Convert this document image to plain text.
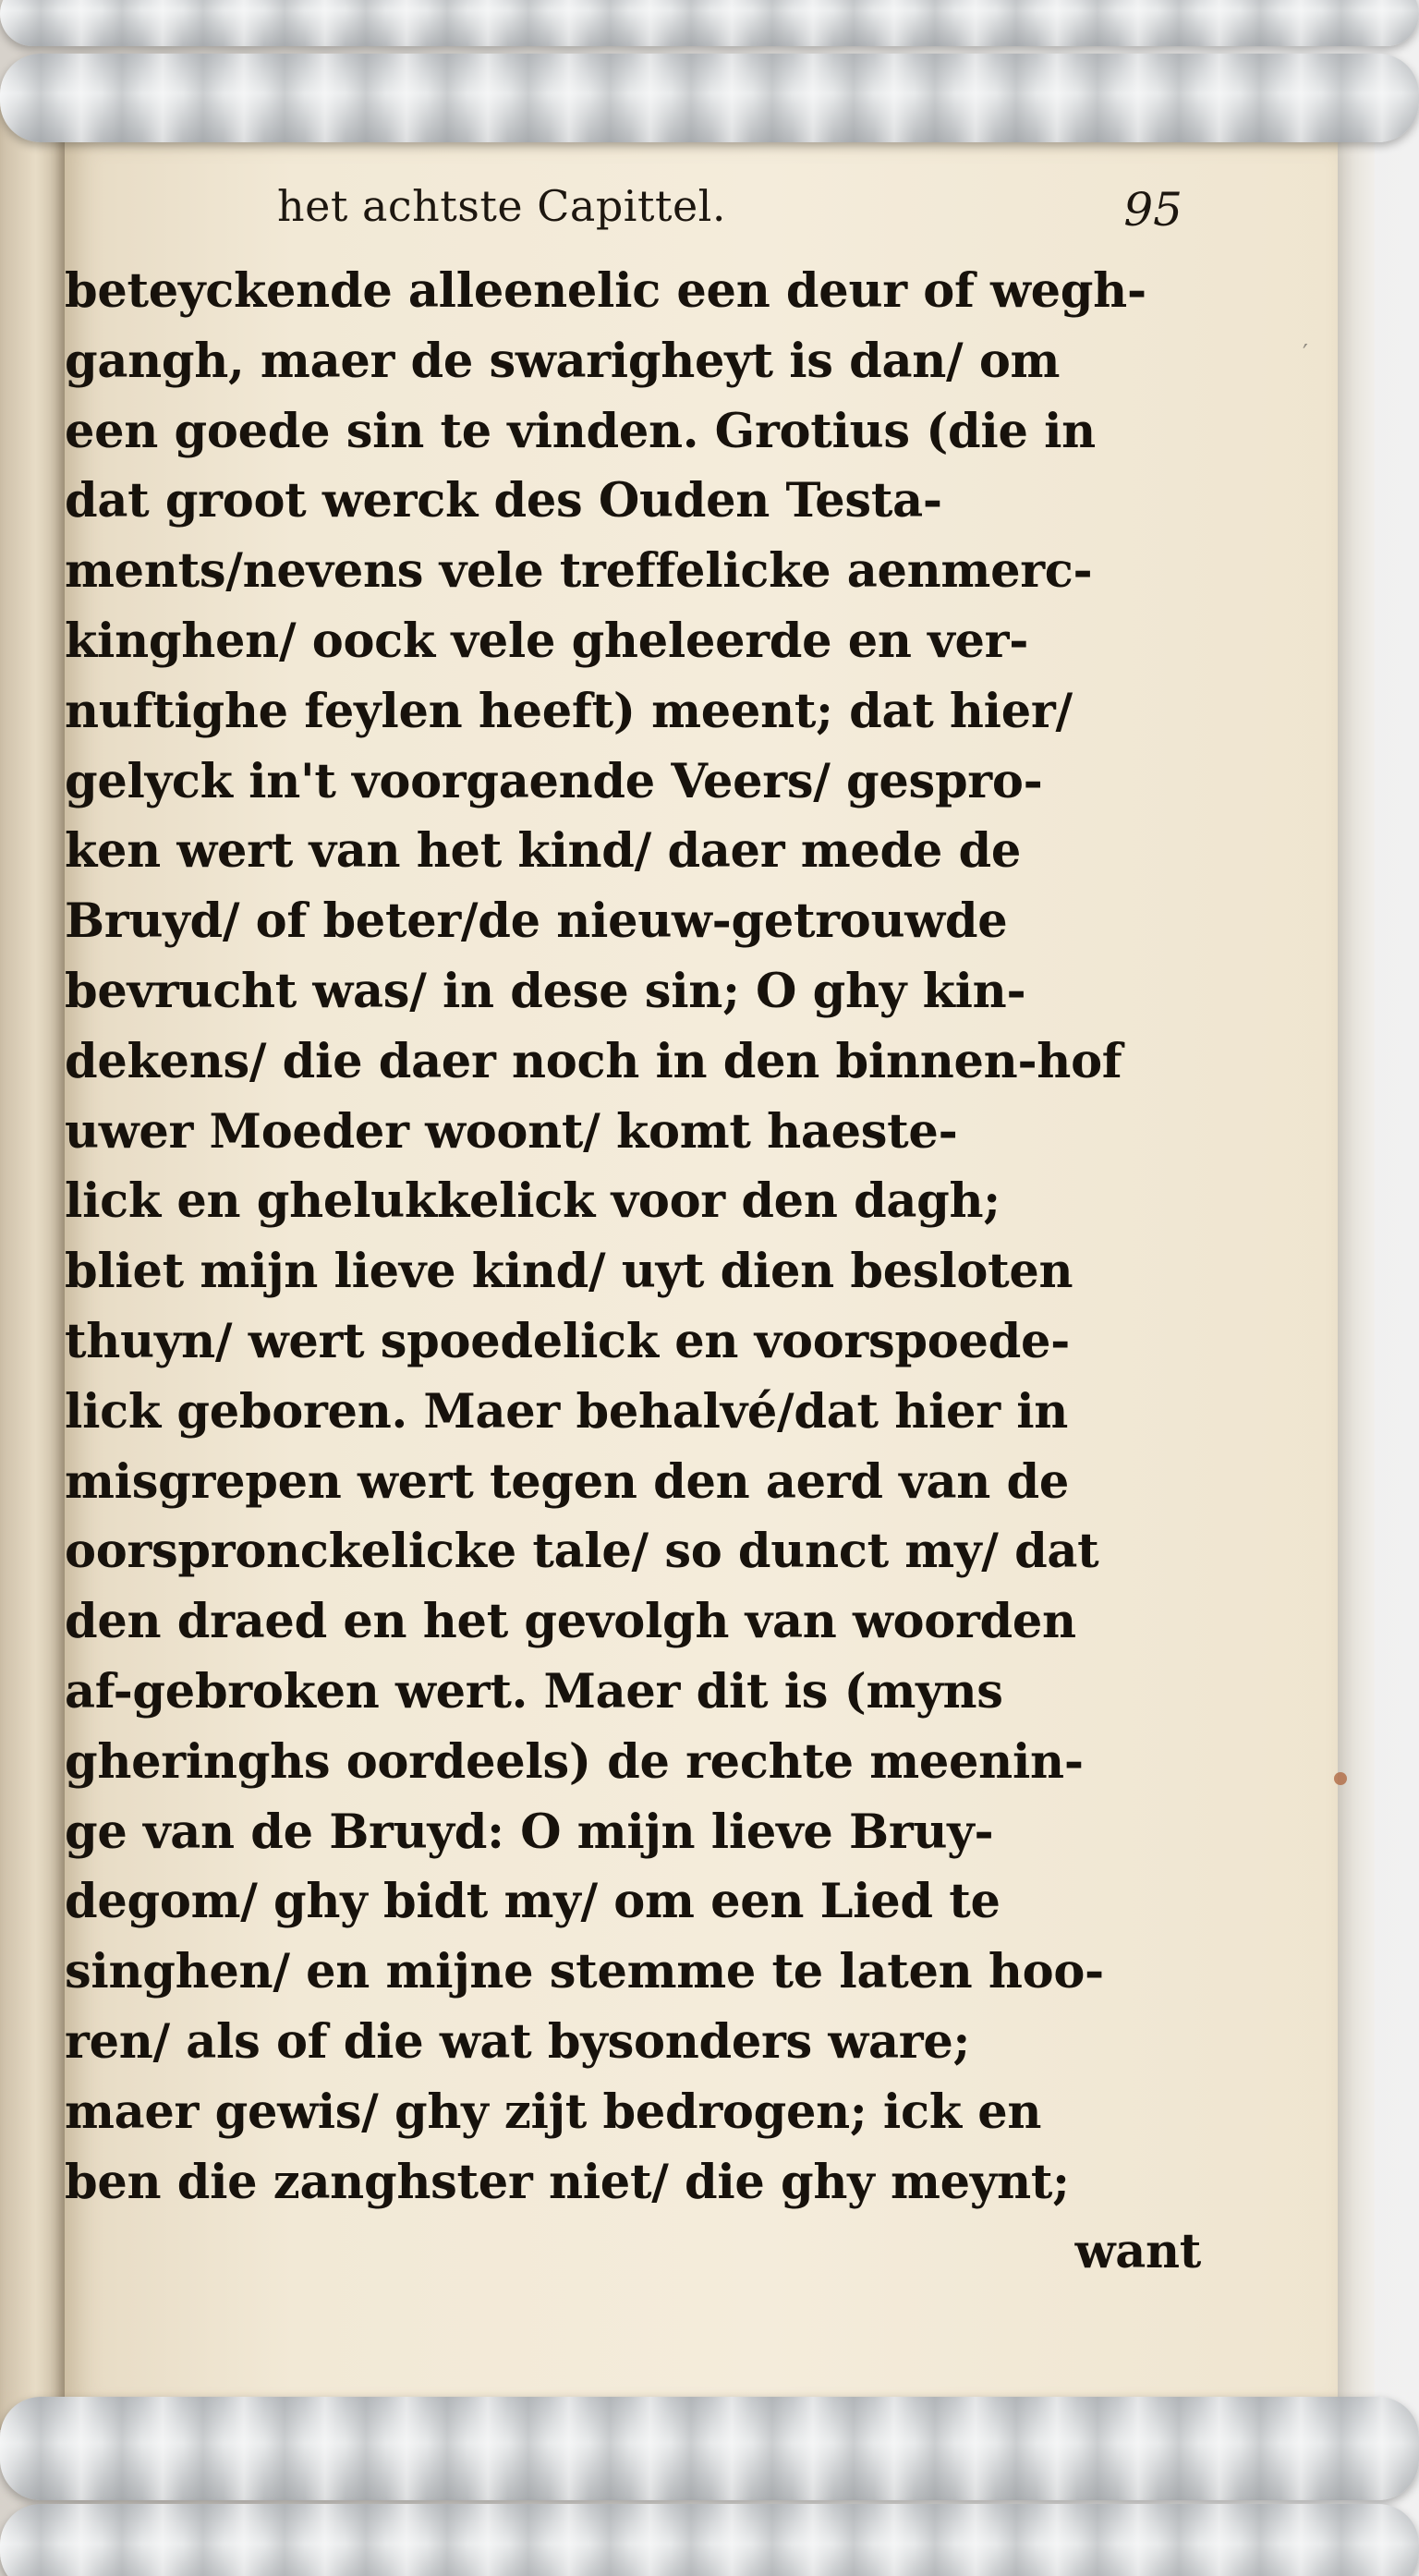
′
het achtste Capittel.	95
beteyckende alleenelic een deur of wegh-
gangh, maer de swarigheyt is dan/ om
een goede sin te vinden. Grotius (die in
dat groot werck des Ouden Testa-
ments/nevens vele treffelicke aenmerc-
kinghen/ oock vele gheleerde en ver-
nuftighe feylen heeft) meent; dat hier/
gelyck in't voorgaende Veers/ gespro-
ken wert van het kind/ daer mede de
Bruyd/ of beter/de nieuw-getrouwde
bevrucht was/ in dese sin; O ghy kin-
dekens/ die daer noch in den binnen-hof
uwer Moeder woont/ komt haeste-
lick en ghelukkelick voor den dagh;
bliet mijn lieve kind/ uyt dien besloten
thuyn/ wert spoedelick en voorspoede-
lick geboren. Maer behalvé/dat hier in
misgrepen wert tegen den aerd van de
oorspronckelicke tale/ so dunct my/ dat
den draed en het gevolgh van woorden
af-gebroken wert. Maer dit is (myns
gheringhs oordeels) de rechte meenin-
ge van de Bruyd: O mijn lieve Bruy-
degom/ ghy bidt my/ om een Lied te
singhen/ en mijne stemme te laten hoo-
ren/ als of die wat bysonders ware;
maer gewis/ ghy zijt bedrogen; ick en
ben die zanghster niet/ die ghy meynt;
want
